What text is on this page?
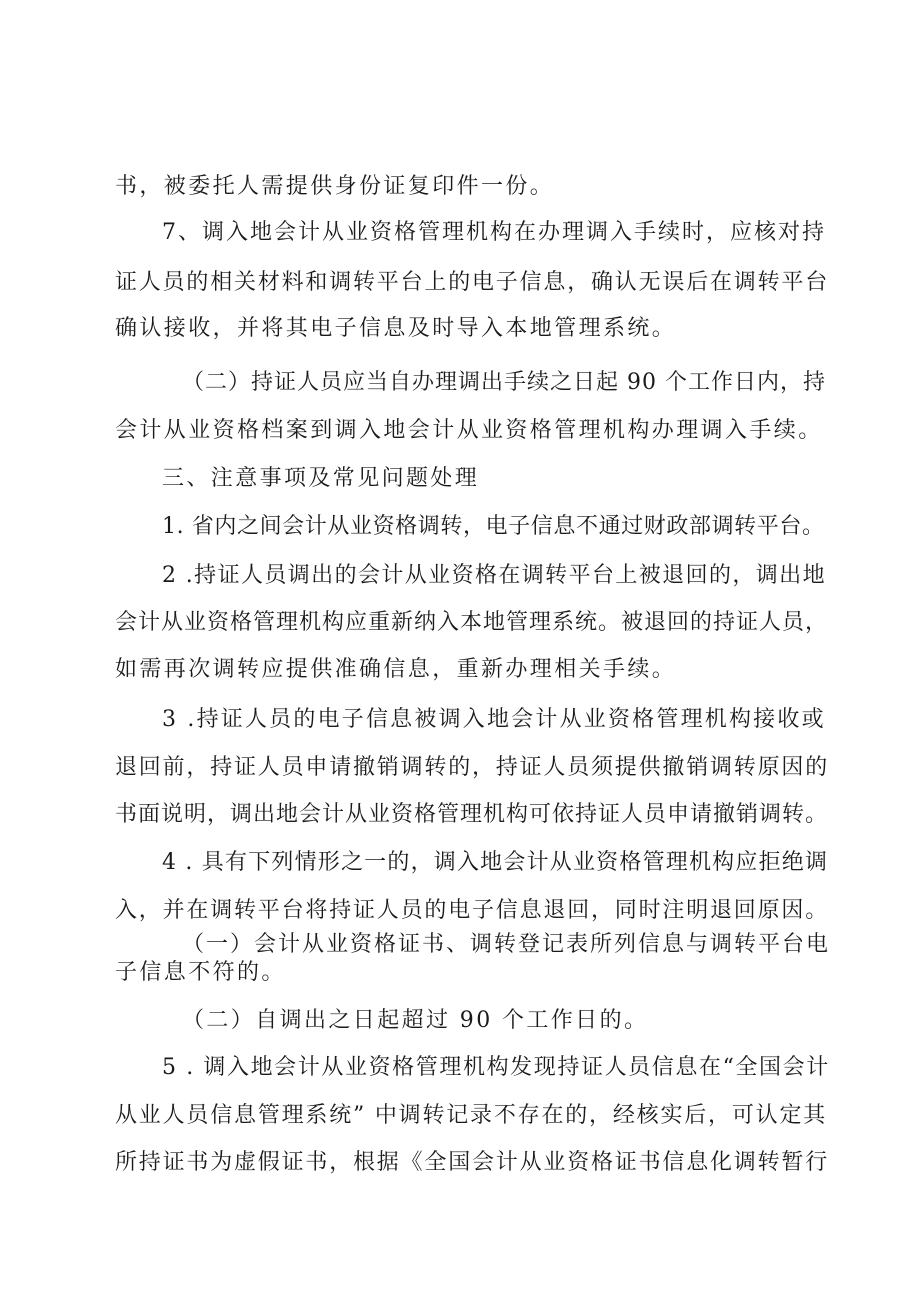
书，被委托人需提供身份证复印件一份。
7、调入地会计从业资格管理机构在办理调入手续时，应核对持
证人员的相关材料和调转平台上的电子信息，确认无误后在调转平台
确认接收，并将其电子信息及时导入本地管理系统。
（二）持证人员应当自办理调出手续之日起 90 个工作日内，持
会计从业资格档案到调入地会计从业资格管理机构办理调入手续。
三、注意事项及常见问题处理
1. 省内之间会计从业资格调转，电子信息不通过财政部调转平台。
2 .持证人员调出的会计从业资格在调转平台上被退回的，调出地
会计从业资格管理机构应重新纳入本地管理系统。被退回的持证人员，
如需再次调转应提供准确信息，重新办理相关手续。
3 .持证人员的电子信息被调入地会计从业资格管理机构接收或
退回前，持证人员申请撤销调转的，持证人员须提供撤销调转原因的
书面说明，调出地会计从业资格管理机构可依持证人员申请撤销调转。
4 . 具有下列情形之一的，调入地会计从业资格管理机构应拒绝调
入，并在调转平台将持证人员的电子信息退回，同时注明退回原因。
（一）会计从业资格证书、调转登记表所列信息与调转平台电
子信息不符的。
（二）自调出之日起超过 90 个工作日的。
5 . 调入地会计从业资格管理机构发现持证人员信息在“全国会计
从业人员信息管理系统” 中调转记录不存在的，经核实后，可认定其
所持证书为虚假证书，根据《全国会计从业资格证书信息化调转暂行
